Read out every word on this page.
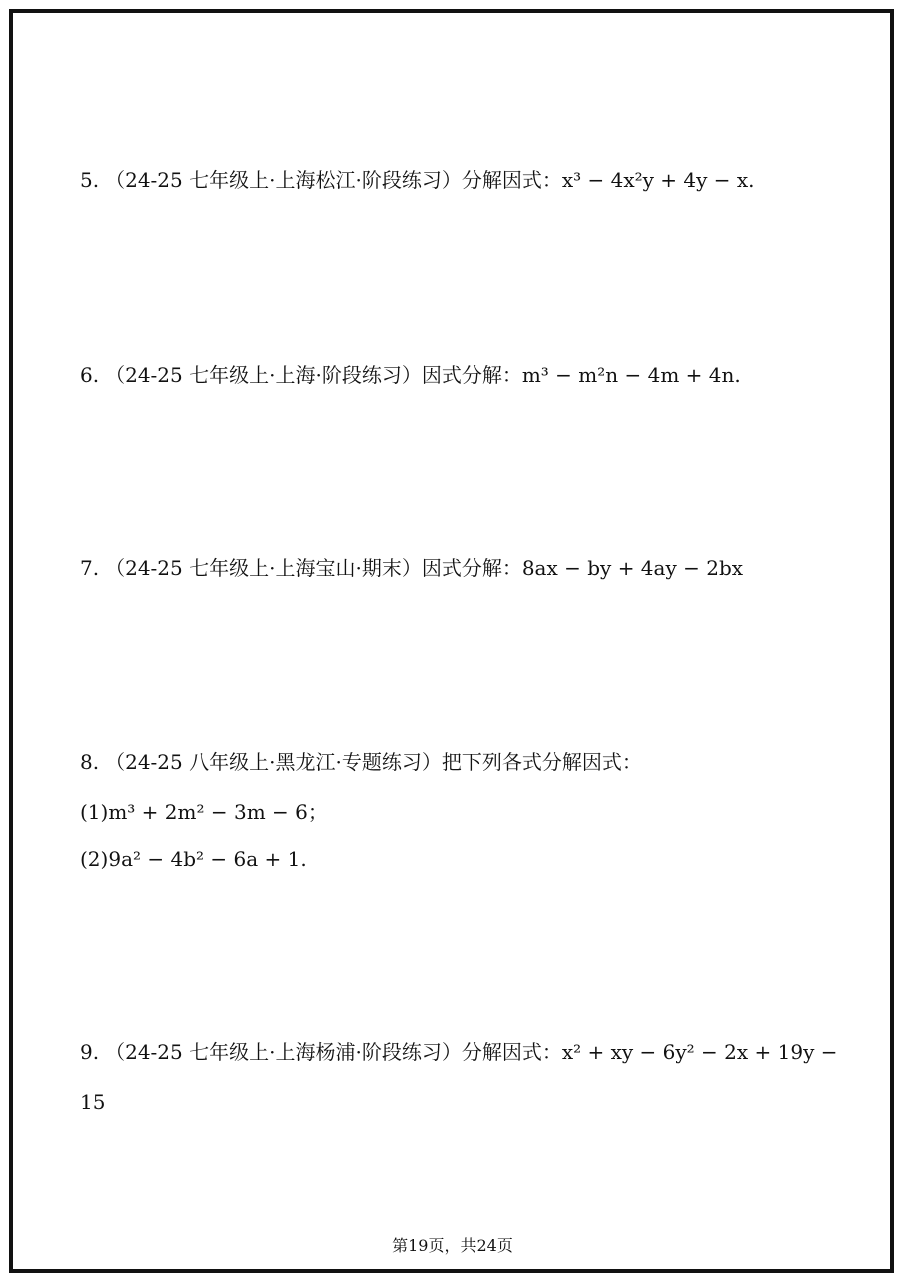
5. （24-25 七年级上·上海松江·阶段练习）分解因式：x³ − 4x²y + 4y − x.
6. （24-25 七年级上·上海·阶段练习）因式分解：m³ − m²n − 4m + 4n.
7. （24-25 七年级上·上海宝山·期末）因式分解：8ax − by + 4ay − 2bx
8. （24-25 八年级上·黑龙江·专题练习）把下列各式分解因式：
(1)m³ + 2m² − 3m − 6；
(2)9a² − 4b² − 6a + 1.
9. （24-25 七年级上·上海杨浦·阶段练习）分解因式：x² + xy − 6y² − 2x + 19y −
15
第19页，共24页
